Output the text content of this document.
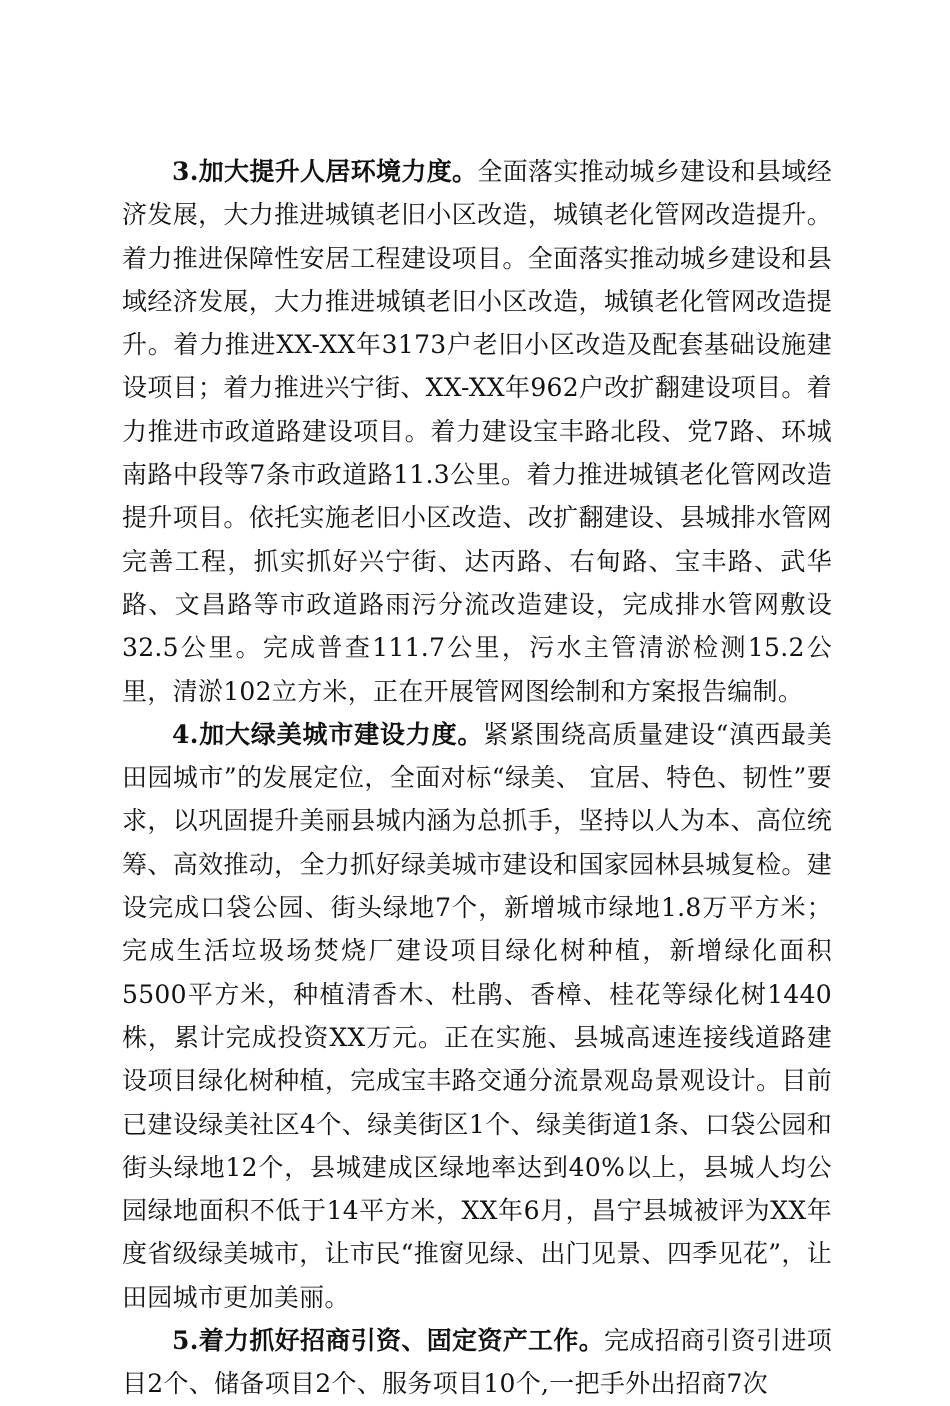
3.加大提升人居环境力度。全面落实推动城乡建设和县域经济发展，大力推进城镇老旧小区改造，城镇老化管网改造提升。着力推进保障性安居工程建设项目。全面落实推动城乡建设和县域经济发展，大力推进城镇老旧小区改造，城镇老化管网改造提升。着力推进XX-XX年3173户老旧小区改造及配套基础设施建设项目；着力推进兴宁街、XX-XX年962户改扩翻建设项目。着力推进市政道路建设项目。着力建设宝丰路北段、党7路、环城南路中段等7条市政道路11.3公里。着力推进城镇老化管网改造提升项目。依托实施老旧小区改造、改扩翻建设、县城排水管网完善工程，抓实抓好兴宁街、达丙路、右甸路、宝丰路、武华路、文昌路等市政道路雨污分流改造建设，完成排水管网敷设32.5公里。完成普查111.7公里，污水主管清淤检测15.2公里，清淤102立方米，正在开展管网图绘制和方案报告编制。

4.加大绿美城市建设力度。紧紧围绕高质量建设“滇西最美田园城市”的发展定位，全面对标“绿美、 宜居、特色、韧性”要求，以巩固提升美丽县城内涵为总抓手，坚持以人为本、高位统筹、高效推动，全力抓好绿美城市建设和国家园林县城复检。建设完成口袋公园、街头绿地7个，新增城市绿地1.8万平方米；完成生活垃圾场焚烧厂建设项目绿化树种植，新增绿化面积5500平方米，种植清香木、杜鹃、香樟、桂花等绿化树1440株，累计完成投资XX万元。正在实施、县城高速连接线道路建设项目绿化树种植，完成宝丰路交通分流景观岛景观设计。目前已建设绿美社区4个、绿美街区1个、绿美街道1条、口袋公园和街头绿地12个，县城建成区绿地率达到40%以上，县城人均公园绿地面积不低于14平方米，XX年6月，昌宁县城被评为XX年度省级绿美城市，让市民“推窗见绿、出门见景、四季见花”，让田园城市更加美丽。

5.着力抓好招商引资、固定资产工作。完成招商引资引进项目2个、储备项目2个、服务项目10个,一把手外出招商7次
